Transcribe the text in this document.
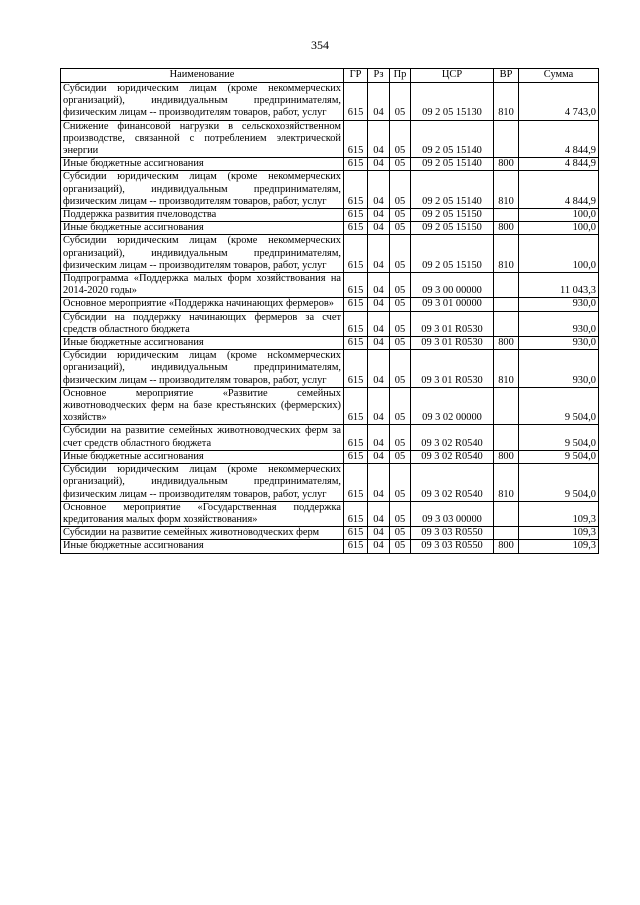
354
Наименование	ГР	Рз	Пр	ЦСР	ВР	Сумма
Субсидии юридическим лицам (кроме некоммерческих организаций), индивидуальным предпринимателям, физическим лицам -- производителям товаров, работ, услуг	615	04	05	09 2 05 15130	810	4 743,0
Снижение финансовой нагрузки в сельскохозяйственном производстве, связанной с потреблением электрической энергии	615	04	05	09 2 05 15140		4 844,9
Иные бюджетные ассигнования	615	04	05	09 2 05 15140	800	4 844,9
Субсидии юридическим лицам (кроме некоммерческих организаций), индивидуальным предпринимателям, физическим лицам -- производителям товаров, работ, услуг	615	04	05	09 2 05 15140	810	4 844,9
Поддержка развития пчеловодства	615	04	05	09 2 05 15150		100,0
Иные бюджетные ассигнования	615	04	05	09 2 05 15150	800	100,0
Субсидии юридическим лицам (кроме некоммерческих организаций), индивидуальным предпринимателям, физическим лицам -- производителям товаров, работ, услуг	615	04	05	09 2 05 15150	810	100,0
Подпрограмма «Поддержка малых форм хозяйствования на 2014-2020 годы»	615	04	05	09 3 00 00000		11 043,3
Основное мероприятие «Поддержка начинающих фермеров»	615	04	05	09 3 01 00000		930,0
Субсидии на поддержку начинающих фермеров за счет средств областного бюджета	615	04	05	09 3 01 R0530		930,0
Иные бюджетные ассигнования	615	04	05	09 3 01 R0530	800	930,0
Субсидии юридическим лицам (кроме нсkоммерческих организаций), индивидуальным предпринимателям, физическим лицам -- производителям товаров, работ, услуг	615	04	05	09 3 01 R0530	810	930,0
Основное мероприятие «Развитие семейных животноводческих ферм на базе крестьянских (фермерских) хозяйств»	615	04	05	09 3 02 00000		9 504,0
Субсидии на развитие семейных животноводческих ферм за счет средств областного бюджета	615	04	05	09 3 02 R0540		9 504,0
Иные бюджетные ассигнования	615	04	05	09 3 02 R0540	800	9 504,0
Субсидии юридическим лицам (кроме некоммерческих организаций), индивидуальным предпринимателям, физическим лицам -- производителям товаров, работ, услуг	615	04	05	09 3 02 R0540	810	9 504,0
Основное мероприятие «Государственная поддержка кредитования малых форм хозяйствования»	615	04	05	09 3 03 00000		109,3
Субсидии на развитие семейных животноводческих ферм	615	04	05	09 3 03 R0550		109,3
Иные бюджетные ассигнования	615	04	05	09 3 03 R0550	800	109,3
